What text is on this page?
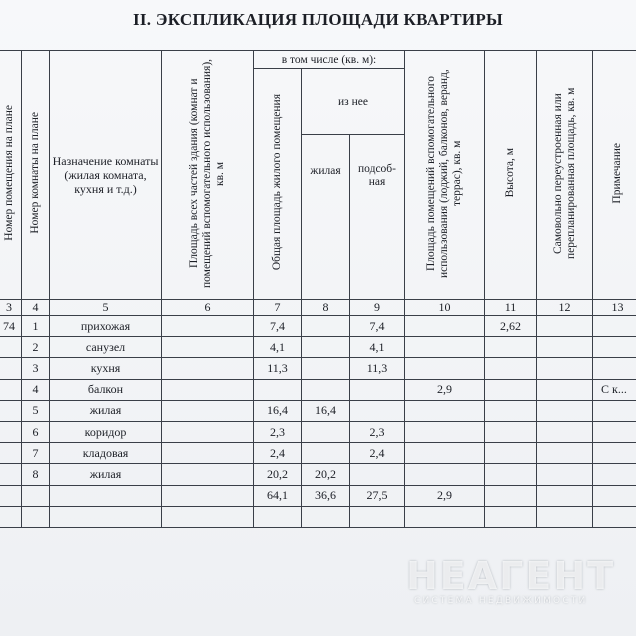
II. ЭКСПЛИКАЦИЯ ПЛОЩАДИ КВАРТИРЫ
Номер помещения на плане	Номер комнаты на плане	Назначение комнаты (жилая комната, кухня и т.д.)	Площадь всех частей здания (комнат и помещений вспомогательного использования), кв. м	в том числе (кв. м):			Площадь помещений вспомогательного использования (лоджий, балконов, веранд, террас), кв. м	Высота, м	Самовольно переустроенная или перепланированная площадь, кв. м	Примечание
				Общая площадь жилого помещения	из нее					
					жилая	подсоб-ная				

3	4	5	6	7	8	9	10	11	12	13
74	1	прихожая		7,4		7,4		2,62		
	2	санузел		4,1		4,1				
	3	кухня		11,3		11,3				
	4	балкон					2,9			С к...
	5	жилая		16,4	16,4					
	6	коридор		2,3		2,3				
	7	кладовая		2,4		2,4				
	8	жилая		20,2	20,2					
				64,1	36,6	27,5	2,9			

НЕАГЕНТ
СИСТЕМА НЕДВИЖИМОСТИ
